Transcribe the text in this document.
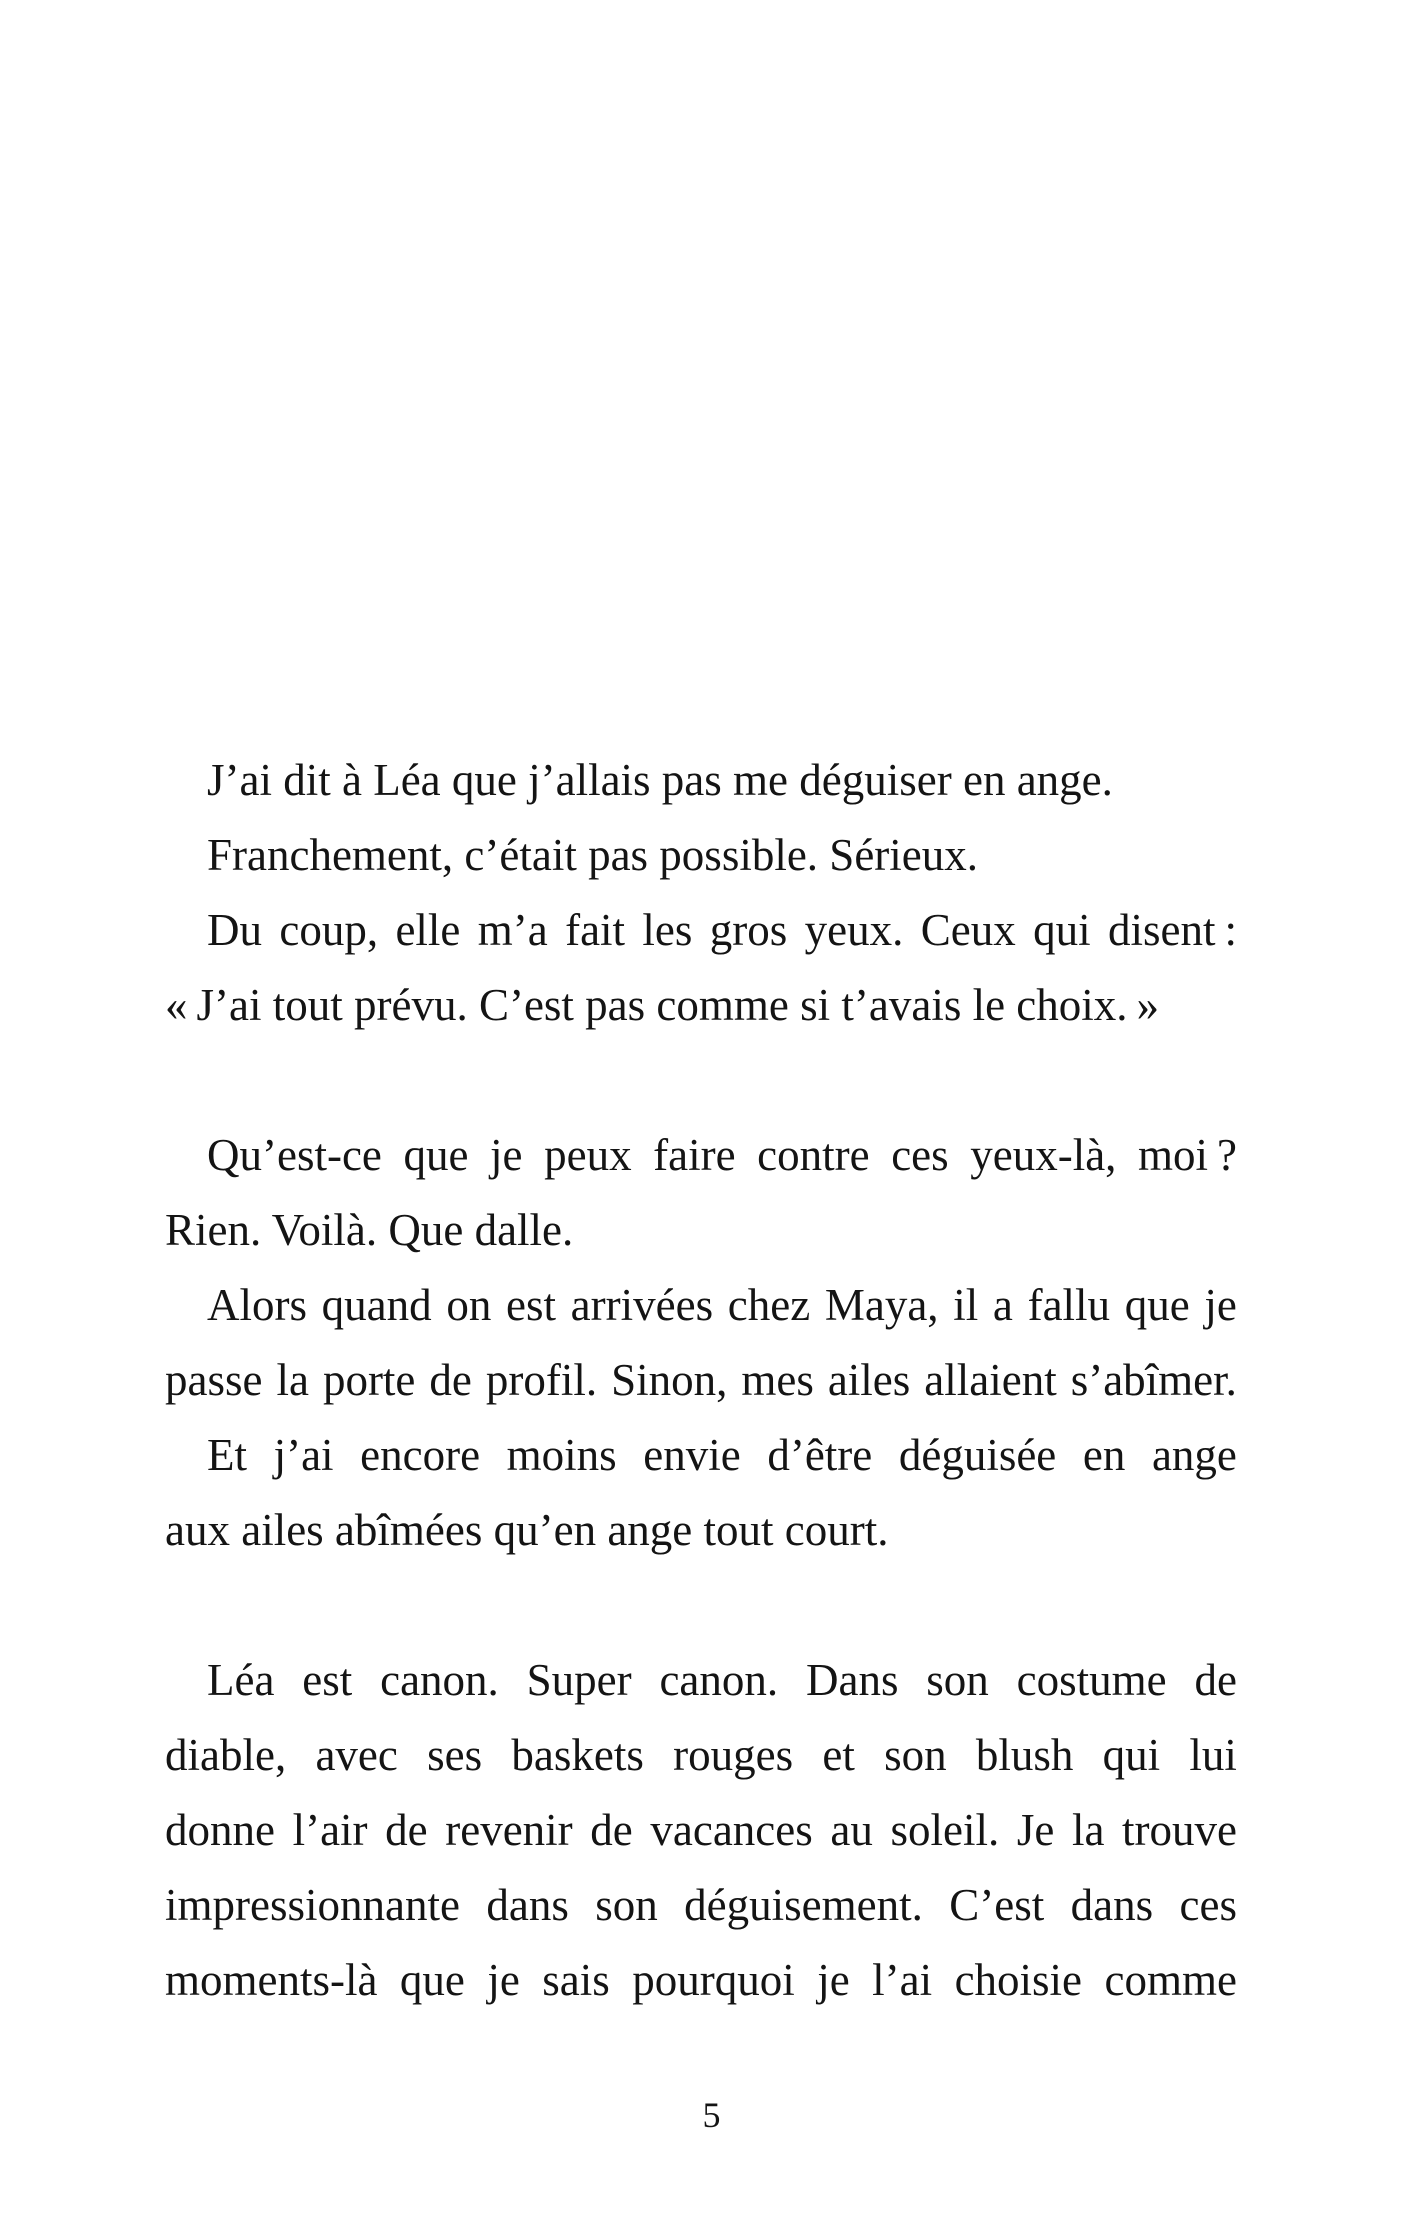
J’ai dit à Léa que j’allais pas me déguiser en ange.
Franchement, c’était pas possible. Sérieux.
Du coup, elle m’a fait les gros yeux. Ceux qui disent :
« J’ai tout prévu. C’est pas comme si t’avais le choix. »
Qu’est-ce que je peux faire contre ces yeux-là, moi ?
Rien. Voilà. Que dalle.
Alors quand on est arrivées chez Maya, il a fallu que je
passe la porte de profil. Sinon, mes ailes allaient s’abîmer.
Et j’ai encore moins envie d’être déguisée en ange
aux ailes abîmées qu’en ange tout court.
Léa est canon. Super canon. Dans son costume de
diable, avec ses baskets rouges et son blush qui lui
donne l’air de revenir de vacances au soleil. Je la trouve
impressionnante dans son déguisement. C’est dans ces
moments-là que je sais pourquoi je l’ai choisie comme
5
